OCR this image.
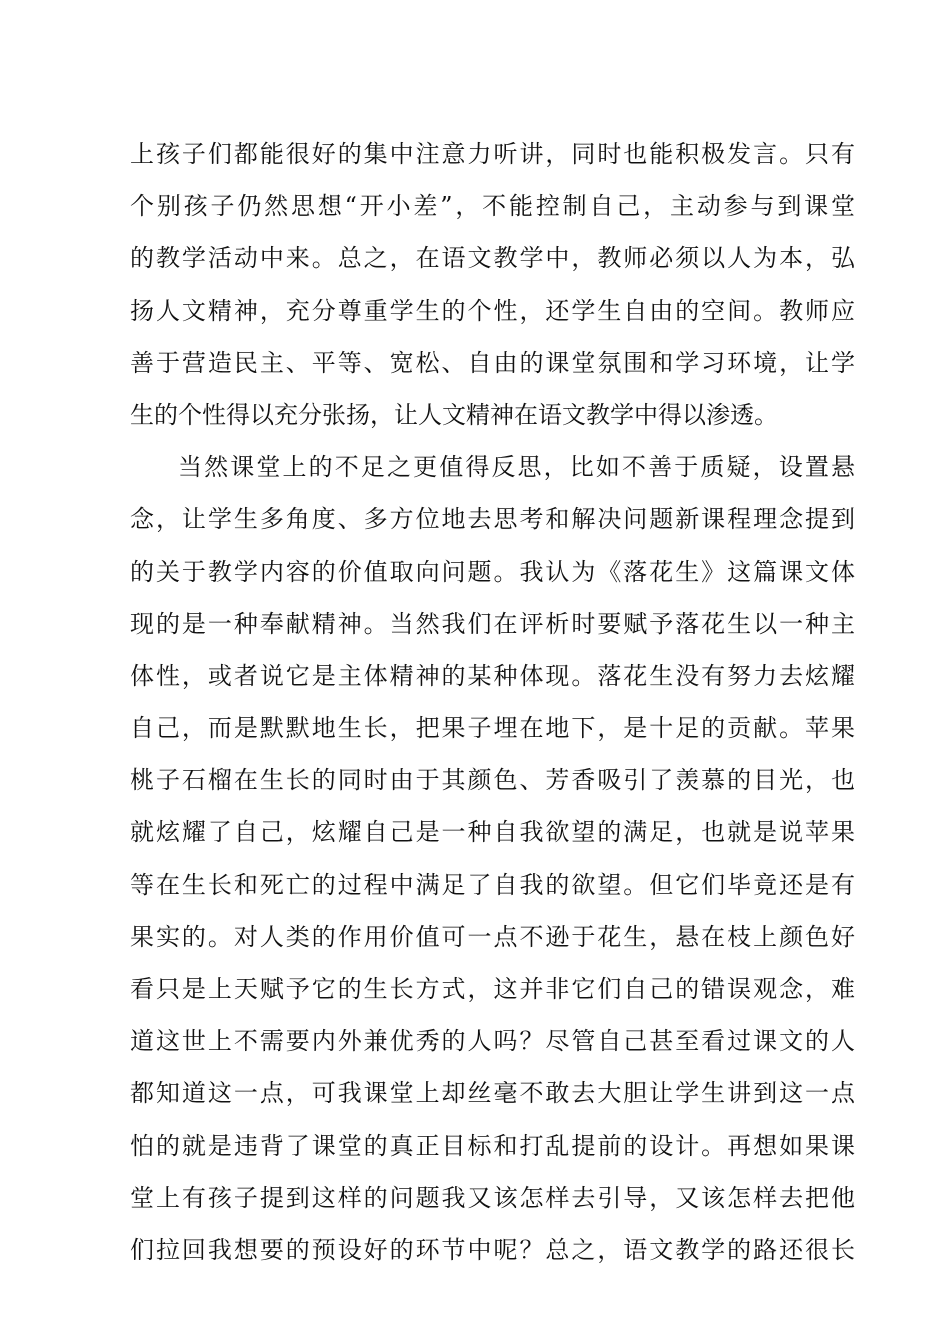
上孩子们都能很好的集中注意力听讲，同时也能积极发言。只有
个别孩子仍然思想“开小差”，不能控制自己，主动参与到课堂
的教学活动中来。总之，在语文教学中，教师必须以人为本，弘
扬人文精神，充分尊重学生的个性，还学生自由的空间。教师应
善于营造民主、平等、宽松、自由的课堂氛围和学习环境，让学
生的个性得以充分张扬，让人文精神在语文教学中得以渗透。
当然课堂上的不足之更值得反思，比如不善于质疑，设置悬
念，让学生多角度、多方位地去思考和解决问题新课程理念提到
的关于教学内容的价值取向问题。我认为《落花生》这篇课文体
现的是一种奉献精神。当然我们在评析时要赋予落花生以一种主
体性，或者说它是主体精神的某种体现。落花生没有努力去炫耀
自己，而是默默地生长，把果子埋在地下，是十足的贡献。苹果
桃子石榴在生长的同时由于其颜色、芳香吸引了羡慕的目光，也
就炫耀了自己，炫耀自己是一种自我欲望的满足，也就是说苹果
等在生长和死亡的过程中满足了自我的欲望。但它们毕竟还是有
果实的。对人类的作用价值可一点不逊于花生，悬在枝上颜色好
看只是上天赋予它的生长方式，这并非它们自己的错误观念，难
道这世上不需要内外兼优秀的人吗？尽管自己甚至看过课文的人
都知道这一点，可我课堂上却丝毫不敢去大胆让学生讲到这一点
怕的就是违背了课堂的真正目标和打乱提前的设计。再想如果课
堂上有孩子提到这样的问题我又该怎样去引导，又该怎样去把他
们拉回我想要的预设好的环节中呢？总之，语文教学的路还很长
